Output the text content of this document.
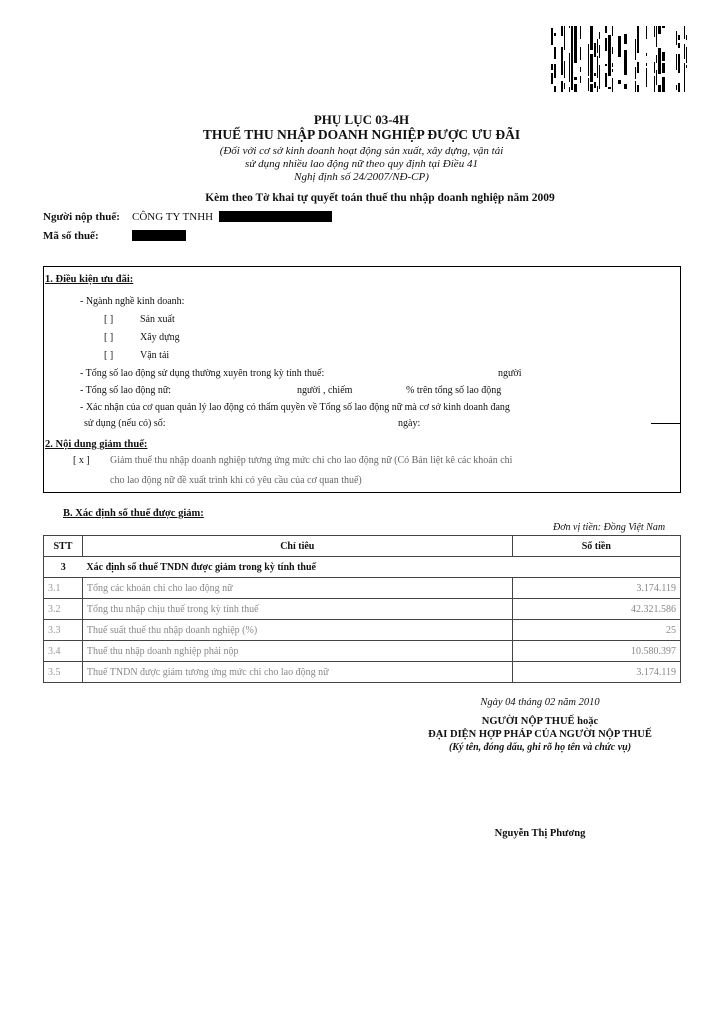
PHỤ LỤC 03-4H
THUẾ THU NHẬP DOANH NGHIỆP ĐƯỢC ƯU ĐÃI
(Đối với cơ sở kinh doanh hoạt động sản xuất, xây dựng, vận tải
sử dụng nhiều lao động nữ theo quy định tại Điều 41
Nghị định số 24/2007/NĐ-CP)
Kèm theo Tờ khai tự quyết toán thuế thu nhập doanh nghiệp năm 2009
Người nộp thuế: CÔNG TY TNHH
Mã số thuế:
1. Điều kiện ưu đãi:
- Ngành nghề kinh doanh:
[ ]	Sản xuất
[ ]	Xây dựng
[ ]	Vận tải
- Tổng số lao động sử dụng thường xuyên trong kỳ tính thuế:	người
- Tổng số lao động nữ:	người , chiếm	% trên tổng số lao động
- Xác nhận của cơ quan quản lý lao động có thẩm quyền về Tổng số lao động nữ mà cơ sở kinh doanh đang
sử dụng (nếu có) số:	ngày:
2. Nội dung giảm thuế:
[ x ] Giảm thuế thu nhập doanh nghiệp tương ứng mức chi cho lao động nữ (Có Bản liệt kê các khoản chi
cho lao động nữ đề xuất trình khi có yêu cầu của cơ quan thuế)
B. Xác định số thuế được giảm:
Đơn vị tiền: Đồng Việt Nam
STT	Chỉ tiêu	Số tiền
3	Xác định số thuế TNDN được giảm trong kỳ tính thuế	
3.1	Tổng các khoản chi cho lao động nữ	3.174.119
3.2	Tổng thu nhập chịu thuế trong kỳ tính thuế	42.321.586
3.3	Thuế suất thuế thu nhập doanh nghiệp (%)	25
3.4	Thuế thu nhập doanh nghiệp phải nộp	10.580.397
3.5	Thuế TNDN được giảm tương ứng mức chi cho lao động nữ	3.174.119
Ngày 04 tháng 02 năm 2010
NGƯỜI NỘP THUẾ hoặc
ĐẠI DIỆN HỢP PHÁP CỦA NGƯỜI NỘP THUẾ
(Ký tên, đóng dấu, ghi rõ họ tên và chức vụ)
Nguyễn Thị Phương
